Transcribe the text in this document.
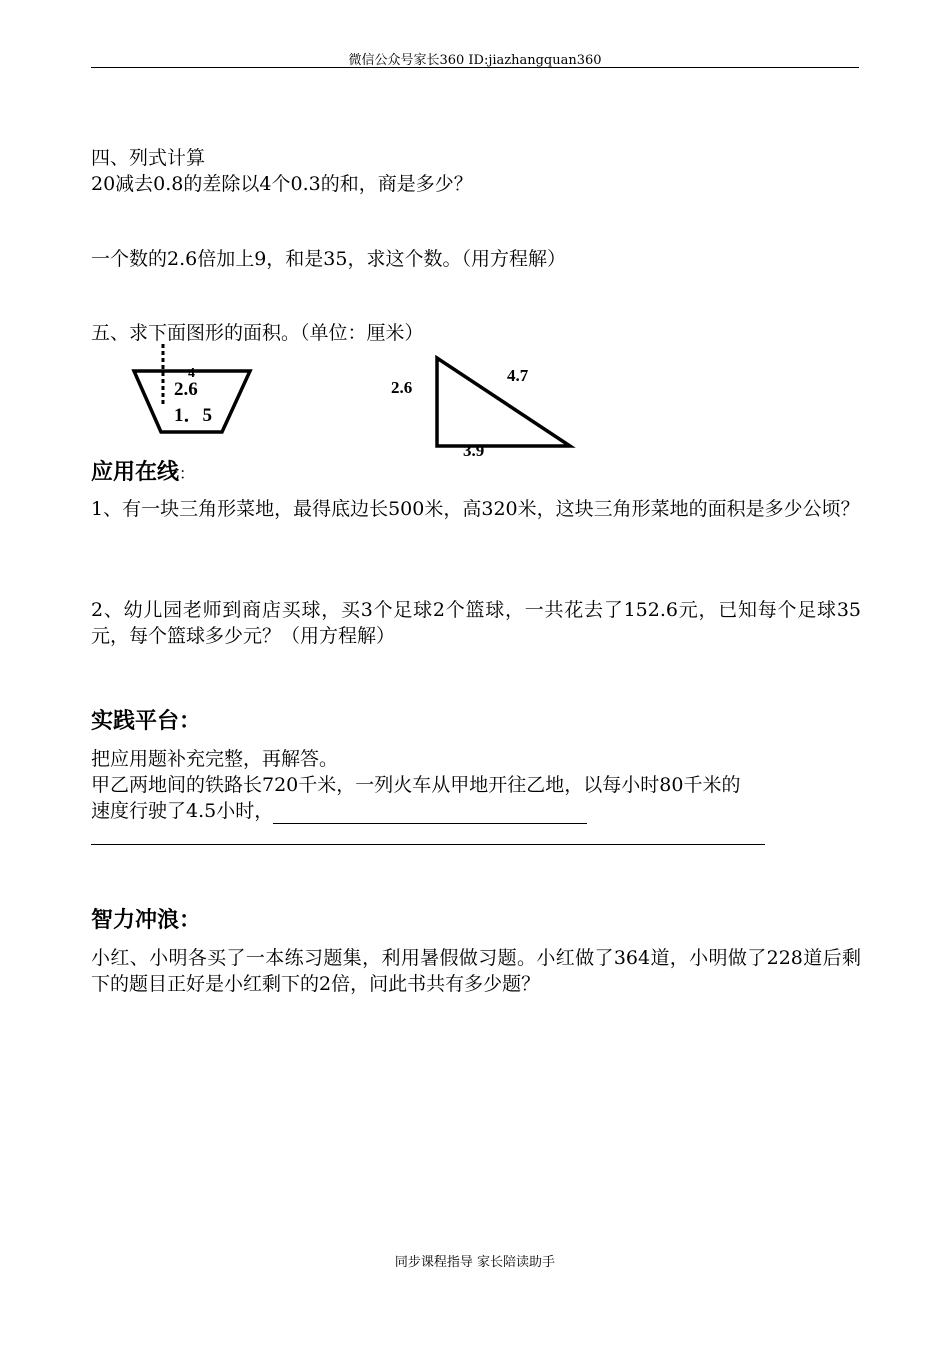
微信公众号家长360 ID:jiazhangquan360
四、列式计算
20减去0.8的差除以4个0.3的和，商是多少？
一个数的2.6倍加上9，和是35，求这个数。（用方程解）
五、求下面图形的面积。（单位：厘米）
4
2.6
1．5
2.6
4.7
3.9
应用在线：
1、有一块三角形菜地，最得底边长500米，高320米，这块三角形菜地的面积是多少公顷？
2、幼儿园老师到商店买球，买3个足球2个篮球，一共花去了152.6元，已知每个足球35元，每个篮球多少元？（用方程解）
实践平台：
把应用题补充完整，再解答。
甲乙两地间的铁路长720千米，一列火车从甲地开往乙地，以每小时80千米的
速度行驶了4.5小时，
智力冲浪：
小红、小明各买了一本练习题集，利用暑假做习题。小红做了364道，小明做了228道后剩下的题目正好是小红剩下的2倍，问此书共有多少题？
同步课程指导 家长陪读助手
